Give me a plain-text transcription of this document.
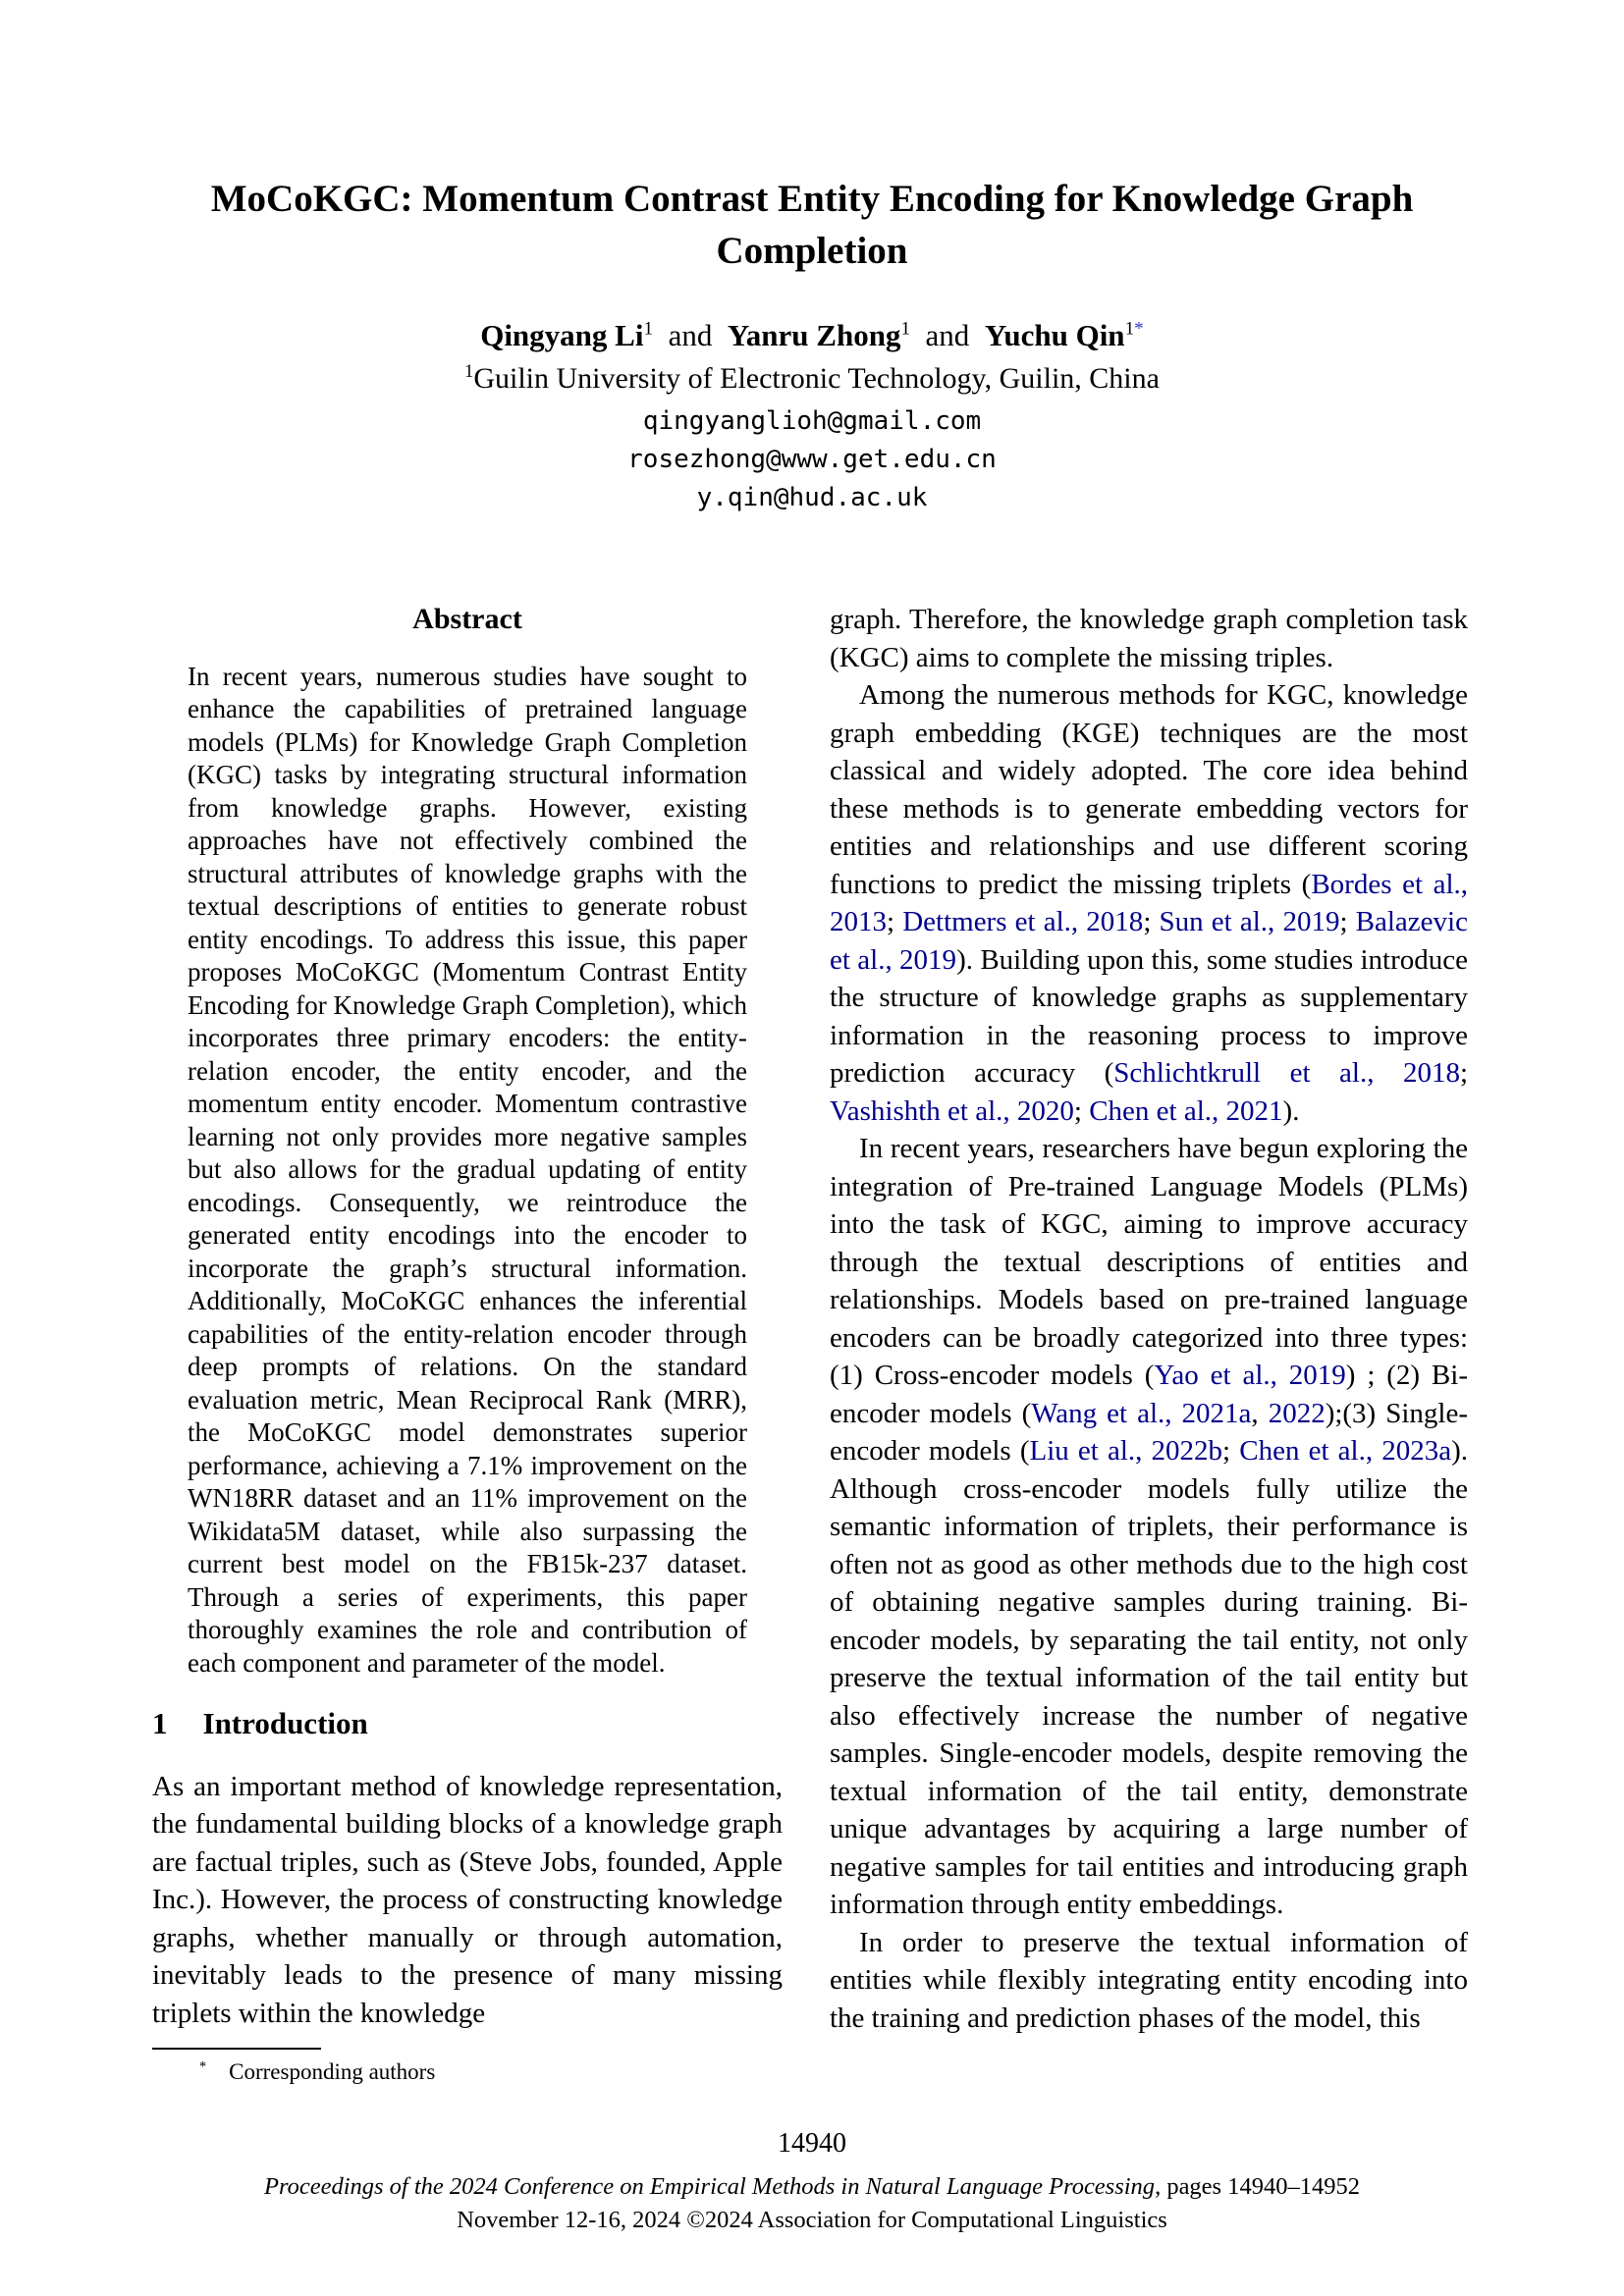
MoCoKGC: Momentum Contrast Entity Encoding for Knowledge Graph
Completion
Qingyang Li$^1$ and Yanru Zhong$^1$ and Yuchu Qin$^{1*}$
$^1$Guilin University of Electronic Technology, Guilin, China
qingyanglioh@gmail.com
rosezhong@www.get.edu.cn
y.qin@hud.ac.uk
Abstract
In recent years, numerous studies have sought to enhance the capabilities of pretrained language models (PLMs) for Knowledge Graph Completion (KGC) tasks by integrating structural information from knowledge graphs. However, existing approaches have not effectively combined the structural attributes of knowledge graphs with the textual descriptions of entities to generate robust entity encodings. To address this issue, this paper proposes MoCoKGC (Momentum Contrast Entity Encoding for Knowledge Graph Completion), which incorporates three primary encoders: the entity-relation encoder, the entity encoder, and the momentum entity encoder. Momentum contrastive learning not only provides more negative samples but also allows for the gradual updating of entity encodings. Consequently, we reintroduce the generated entity encodings into the encoder to incorporate the graph’s structural information. Additionally, MoCoKGC enhances the inferential capabilities of the entity-relation encoder through deep prompts of relations. On the standard evaluation metric, Mean Reciprocal Rank (MRR), the MoCoKGC model demonstrates superior performance, achieving a 7.1% improvement on the WN18RR dataset and an 11% improvement on the Wikidata5M dataset, while also surpassing the current best model on the FB15k-237 dataset. Through a series of experiments, this paper thoroughly examines the role and contribution of each component and parameter of the model.
1 Introduction

As an important method of knowledge representation, the fundamental building blocks of a knowledge graph are factual triples, such as (Steve Jobs, founded, Apple Inc.). However, the process of constructing knowledge graphs, whether manually or through automation, inevitably leads to the presence of many missing triplets within the knowledge

* Corresponding authors

graph. Therefore, the knowledge graph completion task (KGC) aims to complete the missing triples.

Among the numerous methods for KGC, knowledge graph embedding (KGE) techniques are the most classical and widely adopted. The core idea behind these methods is to generate embedding vectors for entities and relationships and use different scoring functions to predict the missing triplets (Bordes et al., 2013; Dettmers et al., 2018; Sun et al., 2019; Balazevic et al., 2019). Building upon this, some studies introduce the structure of knowledge graphs as supplementary information in the reasoning process to improve prediction accuracy (Schlichtkrull et al., 2018; Vashishth et al., 2020; Chen et al., 2021).

In recent years, researchers have begun exploring the integration of Pre-trained Language Models (PLMs) into the task of KGC, aiming to improve accuracy through the textual descriptions of entities and relationships. Models based on pre-trained language encoders can be broadly categorized into three types: (1) Cross-encoder models (Yao et al., 2019) ; (2) Bi-encoder models (Wang et al., 2021a, 2022);(3) Single-encoder models (Liu et al., 2022b; Chen et al., 2023a). Although cross-encoder models fully utilize the semantic information of triplets, their performance is often not as good as other methods due to the high cost of obtaining negative samples during training. Bi-encoder models, by separating the tail entity, not only preserve the textual information of the tail entity but also effectively increase the number of negative samples. Single-encoder models, despite removing the textual information of the tail entity, demonstrate unique advantages by acquiring a large number of negative samples for tail entities and introducing graph information through entity embeddings.

In order to preserve the textual information of entities while flexibly integrating entity encoding into the training and prediction phases of the model, this

14940
Proceedings of the 2024 Conference on Empirical Methods in Natural Language Processing, pages 14940–14952
November 12-16, 2024 ©2024 Association for Computational Linguistics
